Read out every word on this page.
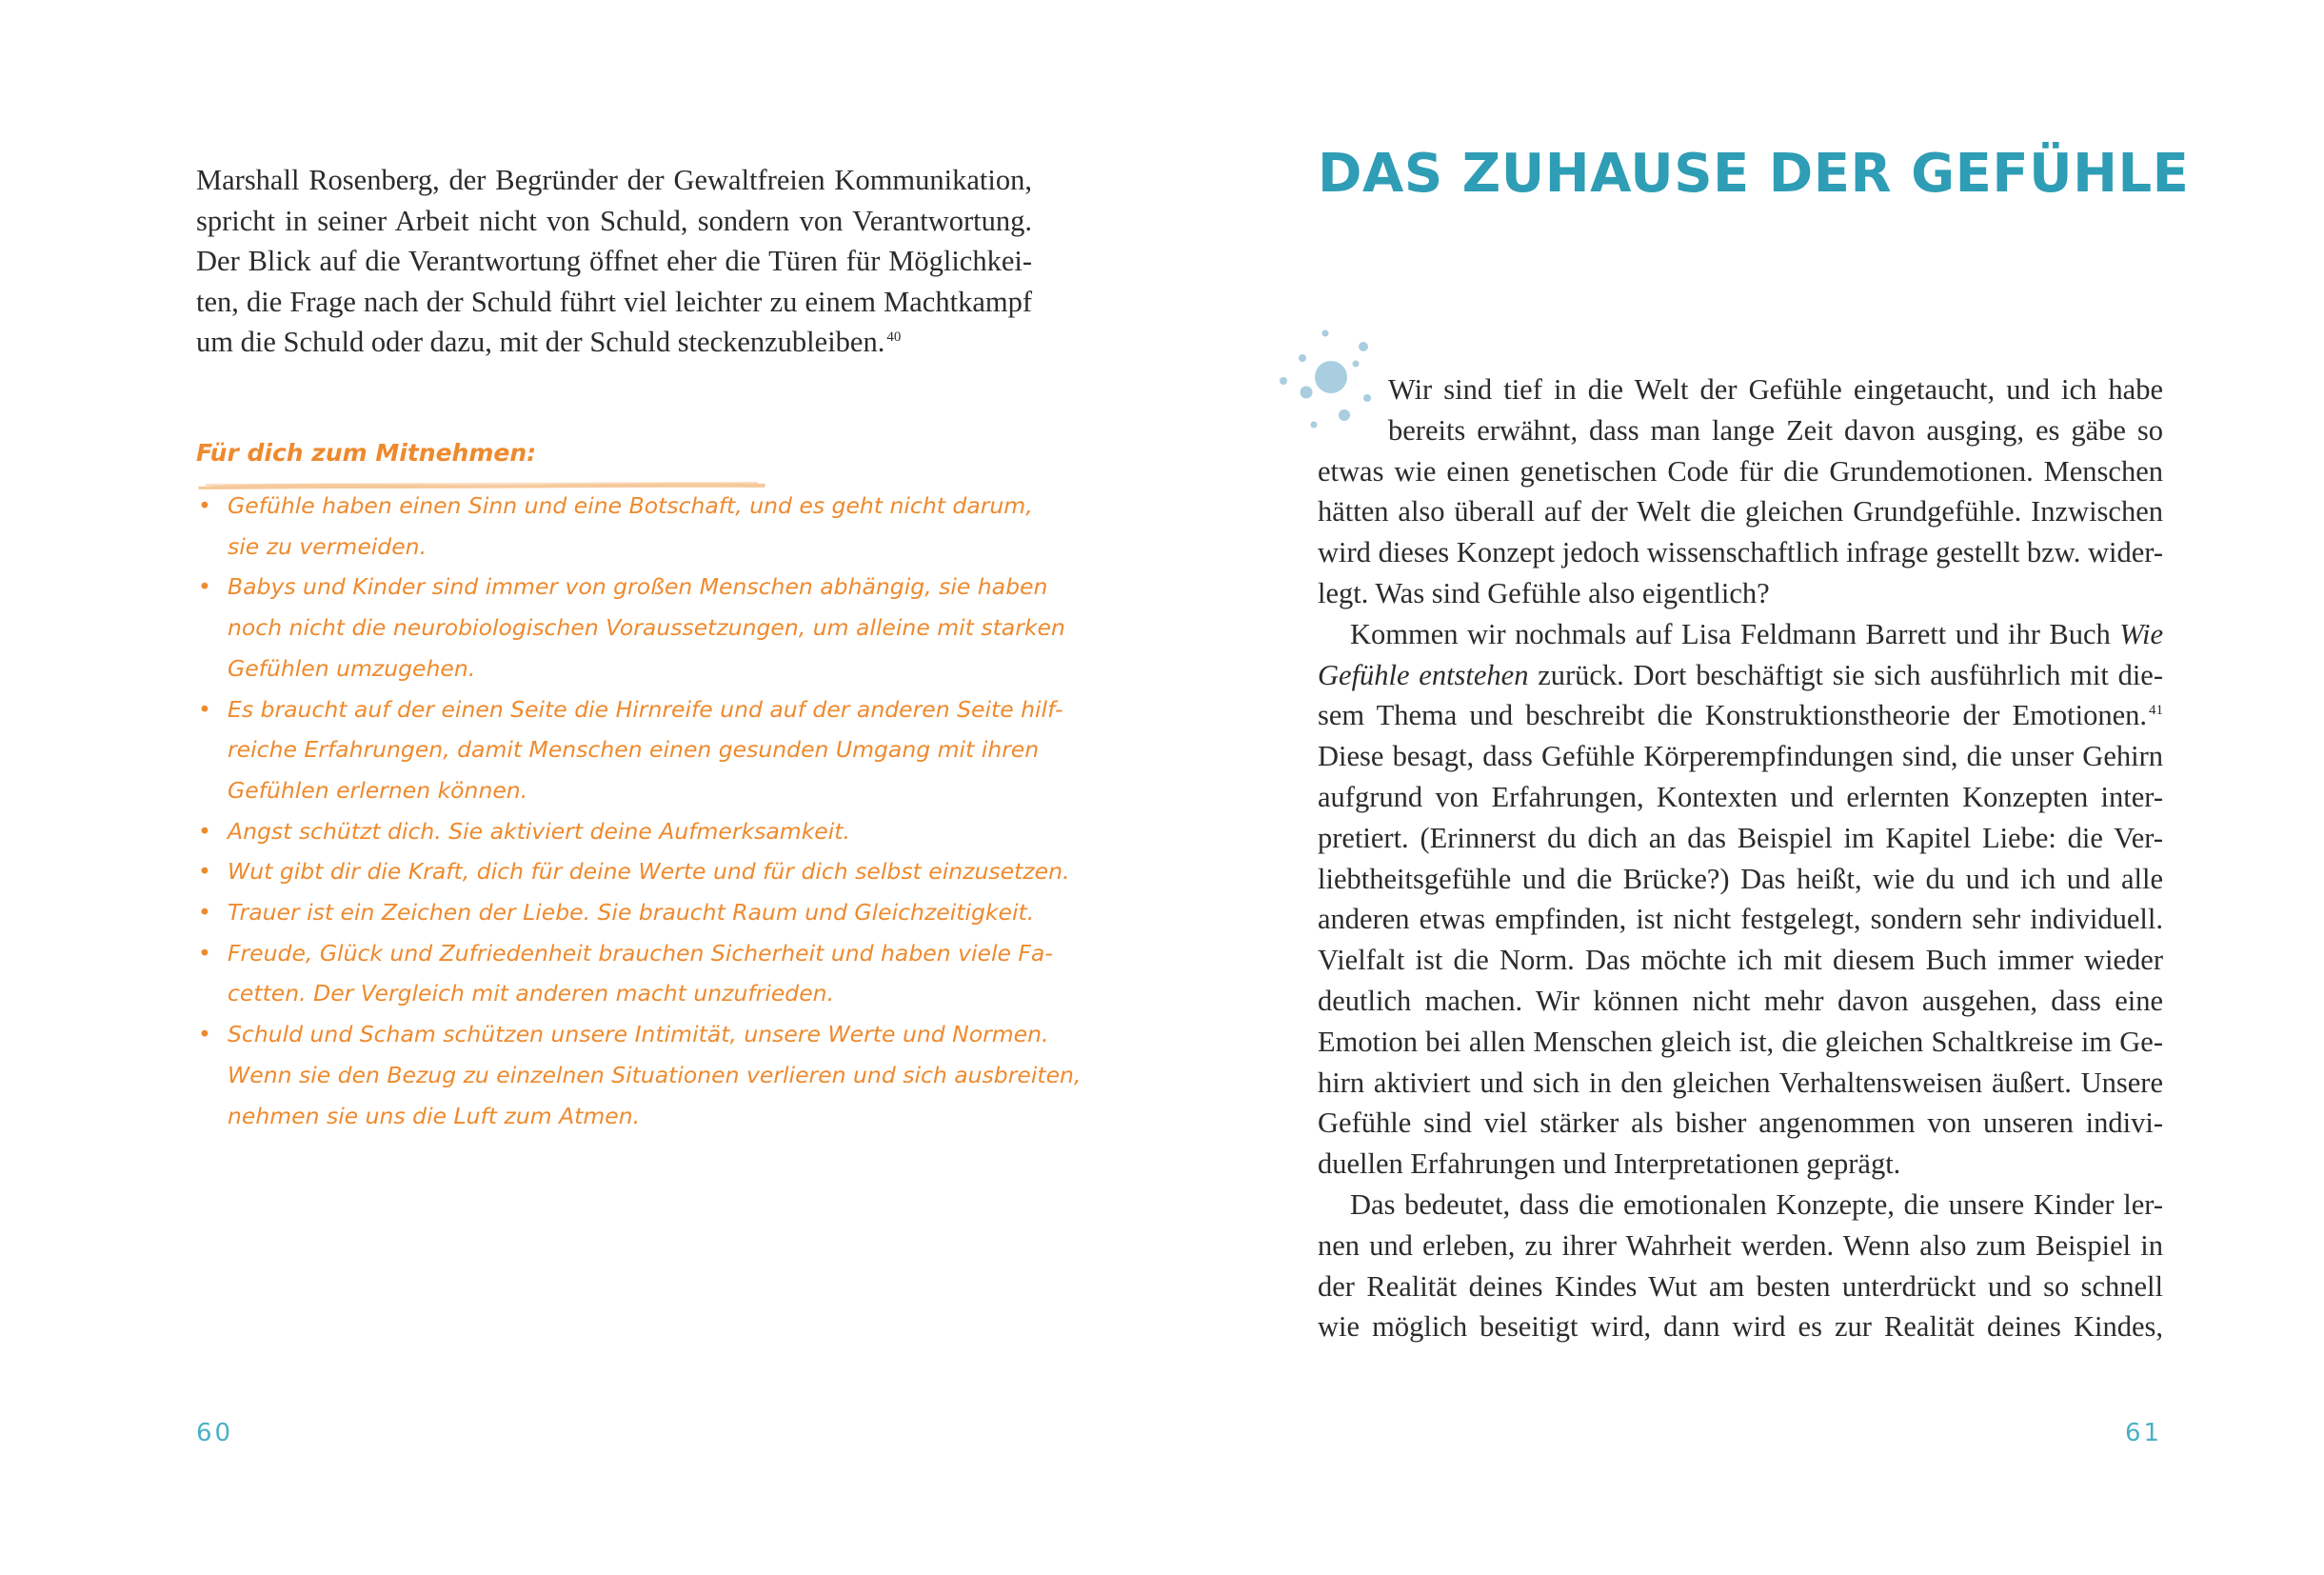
Marshall Rosenberg, der Begründer der Gewaltfreien Kommunikation,
spricht in seiner Arbeit nicht von Schuld, sondern von Verantwortung.
Der Blick auf die Verantwortung öffnet eher die Türen für Möglichkei-
ten, die Frage nach der Schuld führt viel leichter zu einem Machtkampf
um die Schuld oder dazu, mit der Schuld steckenzubleiben. $^{40}$

Für dich zum Mitnehmen:
• Gefühle haben einen Sinn und eine Botschaft, und es geht nicht darum,
sie zu vermeiden.
• Babys und Kinder sind immer von großen Menschen abhängig, sie haben
noch nicht die neurobiologischen Voraussetzungen, um alleine mit starken
Gefühlen umzugehen.
• Es braucht auf der einen Seite die Hirnreife und auf der anderen Seite hilf-
reiche Erfahrungen, damit Menschen einen gesunden Umgang mit ihren
Gefühlen erlernen können.
• Angst schützt dich. Sie aktiviert deine Aufmerksamkeit.
• Wut gibt dir die Kraft, dich für deine Werte und für dich selbst einzusetzen.
• Trauer ist ein Zeichen der Liebe. Sie braucht Raum und Gleichzeitigkeit.
• Freude, Glück und Zufriedenheit brauchen Sicherheit und haben viele Fa-
cetten. Der Vergleich mit anderen macht unzufrieden.
• Schuld und Scham schützen unsere Intimität, unsere Werte und Normen.
Wenn sie den Bezug zu einzelnen Situationen verlieren und sich ausbreiten,
nehmen sie uns die Luft zum Atmen.

60

DAS ZUHAUSE DER GEFÜHLE
Wir sind tief in die Welt der Gefühle eingetaucht, und ich habe
bereits erwähnt, dass man lange Zeit davon ausging, es gäbe so
etwas wie einen genetischen Code für die Grundemotionen. Menschen
hätten also überall auf der Welt die gleichen Grundgefühle. Inzwischen
wird dieses Konzept jedoch wissenschaftlich infrage gestellt bzw. wider-
legt. Was sind Gefühle also eigentlich?
Kommen wir nochmals auf Lisa Feldmann Barrett und ihr Buch Wie
Gefühle entstehen zurück. Dort beschäftigt sie sich ausführlich mit die-
sem Thema und beschreibt die Konstruktionstheorie der Emotionen. $^{41}$
Diese besagt, dass Gefühle Körperempfindungen sind, die unser Gehirn
aufgrund von Erfahrungen, Kontexten und erlernten Konzepten inter-
pretiert. (Erinnerst du dich an das Beispiel im Kapitel Liebe: die Ver-
liebtheitsgefühle und die Brücke?) Das heißt, wie du und ich und alle
anderen etwas empfinden, ist nicht festgelegt, sondern sehr individuell.
Vielfalt ist die Norm. Das möchte ich mit diesem Buch immer wieder
deutlich machen. Wir können nicht mehr davon ausgehen, dass eine
Emotion bei allen Menschen gleich ist, die gleichen Schaltkreise im Ge-
hirn aktiviert und sich in den gleichen Verhaltensweisen äußert. Unsere
Gefühle sind viel stärker als bisher angenommen von unseren indivi-
duellen Erfahrungen und Interpretationen geprägt.
Das bedeutet, dass die emotionalen Konzepte, die unsere Kinder ler-
nen und erleben, zu ihrer Wahrheit werden. Wenn also zum Beispiel in
der Realität deines Kindes Wut am besten unterdrückt und so schnell
wie möglich beseitigt wird, dann wird es zur Realität deines Kindes,

61
